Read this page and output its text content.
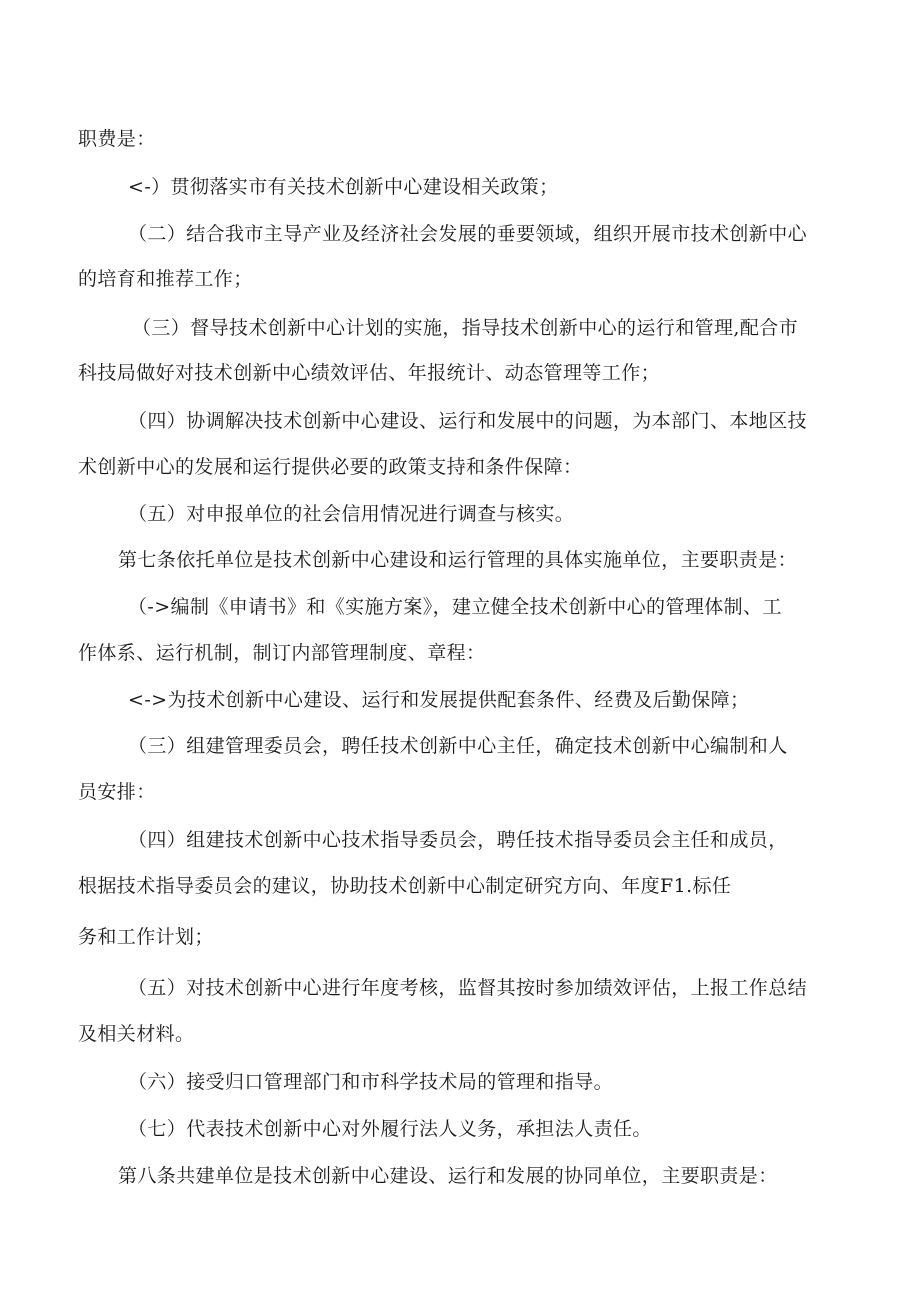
职费是：

<-）贯彻落实市有关技术创新中心建设相关政策；

（二）结合我市主导产业及经济社会发展的垂要领域，组织开展市技术创新中心

的培育和推荐工作；

（三）督导技术创新中心计划的实施，指导技术创新中心的运行和管理,配合市

科技局做好对技术创新中心绩效评估、年报统计、动态管理等工作；

（四）协调解决技术创新中心建设、运行和发展中的问题，为本部门、本地区技

术创新中心的发展和运行提供必要的政策支持和条件保障：

（五）对申报单位的社会信用情况进行调查与核实。

第七条依托单位是技术创新中心建设和运行管理的具体实施单位，主要职责是：

（->编制《申请书》和《实施方案》，建立健全技术创新中心的管理体制、工

作体系、运行机制，制订内部管理制度、章程：

<->为技术创新中心建设、运行和发展提供配套条件、经费及后勤保障；

（三）组建管理委员会，聘任技术创新中心主任，确定技术创新中心编制和人

员安排：

（四）组建技术创新中心技术指导委员会，聘任技术指导委员会主任和成员，

根据技术指导委员会的建议，协助技术创新中心制定研究方向、年度F1.标任

务和工作计划；

（五）对技术创新中心进行年度考核，监督其按时参加绩效评估，上报工作总结

及相关材料。

（六）接受归口管理部门和市科学技术局的管理和指导。

（七）代表技术创新中心对外履行法人义务，承担法人责任。

第八条共建单位是技术创新中心建设、运行和发展的协同单位，主要职责是：
